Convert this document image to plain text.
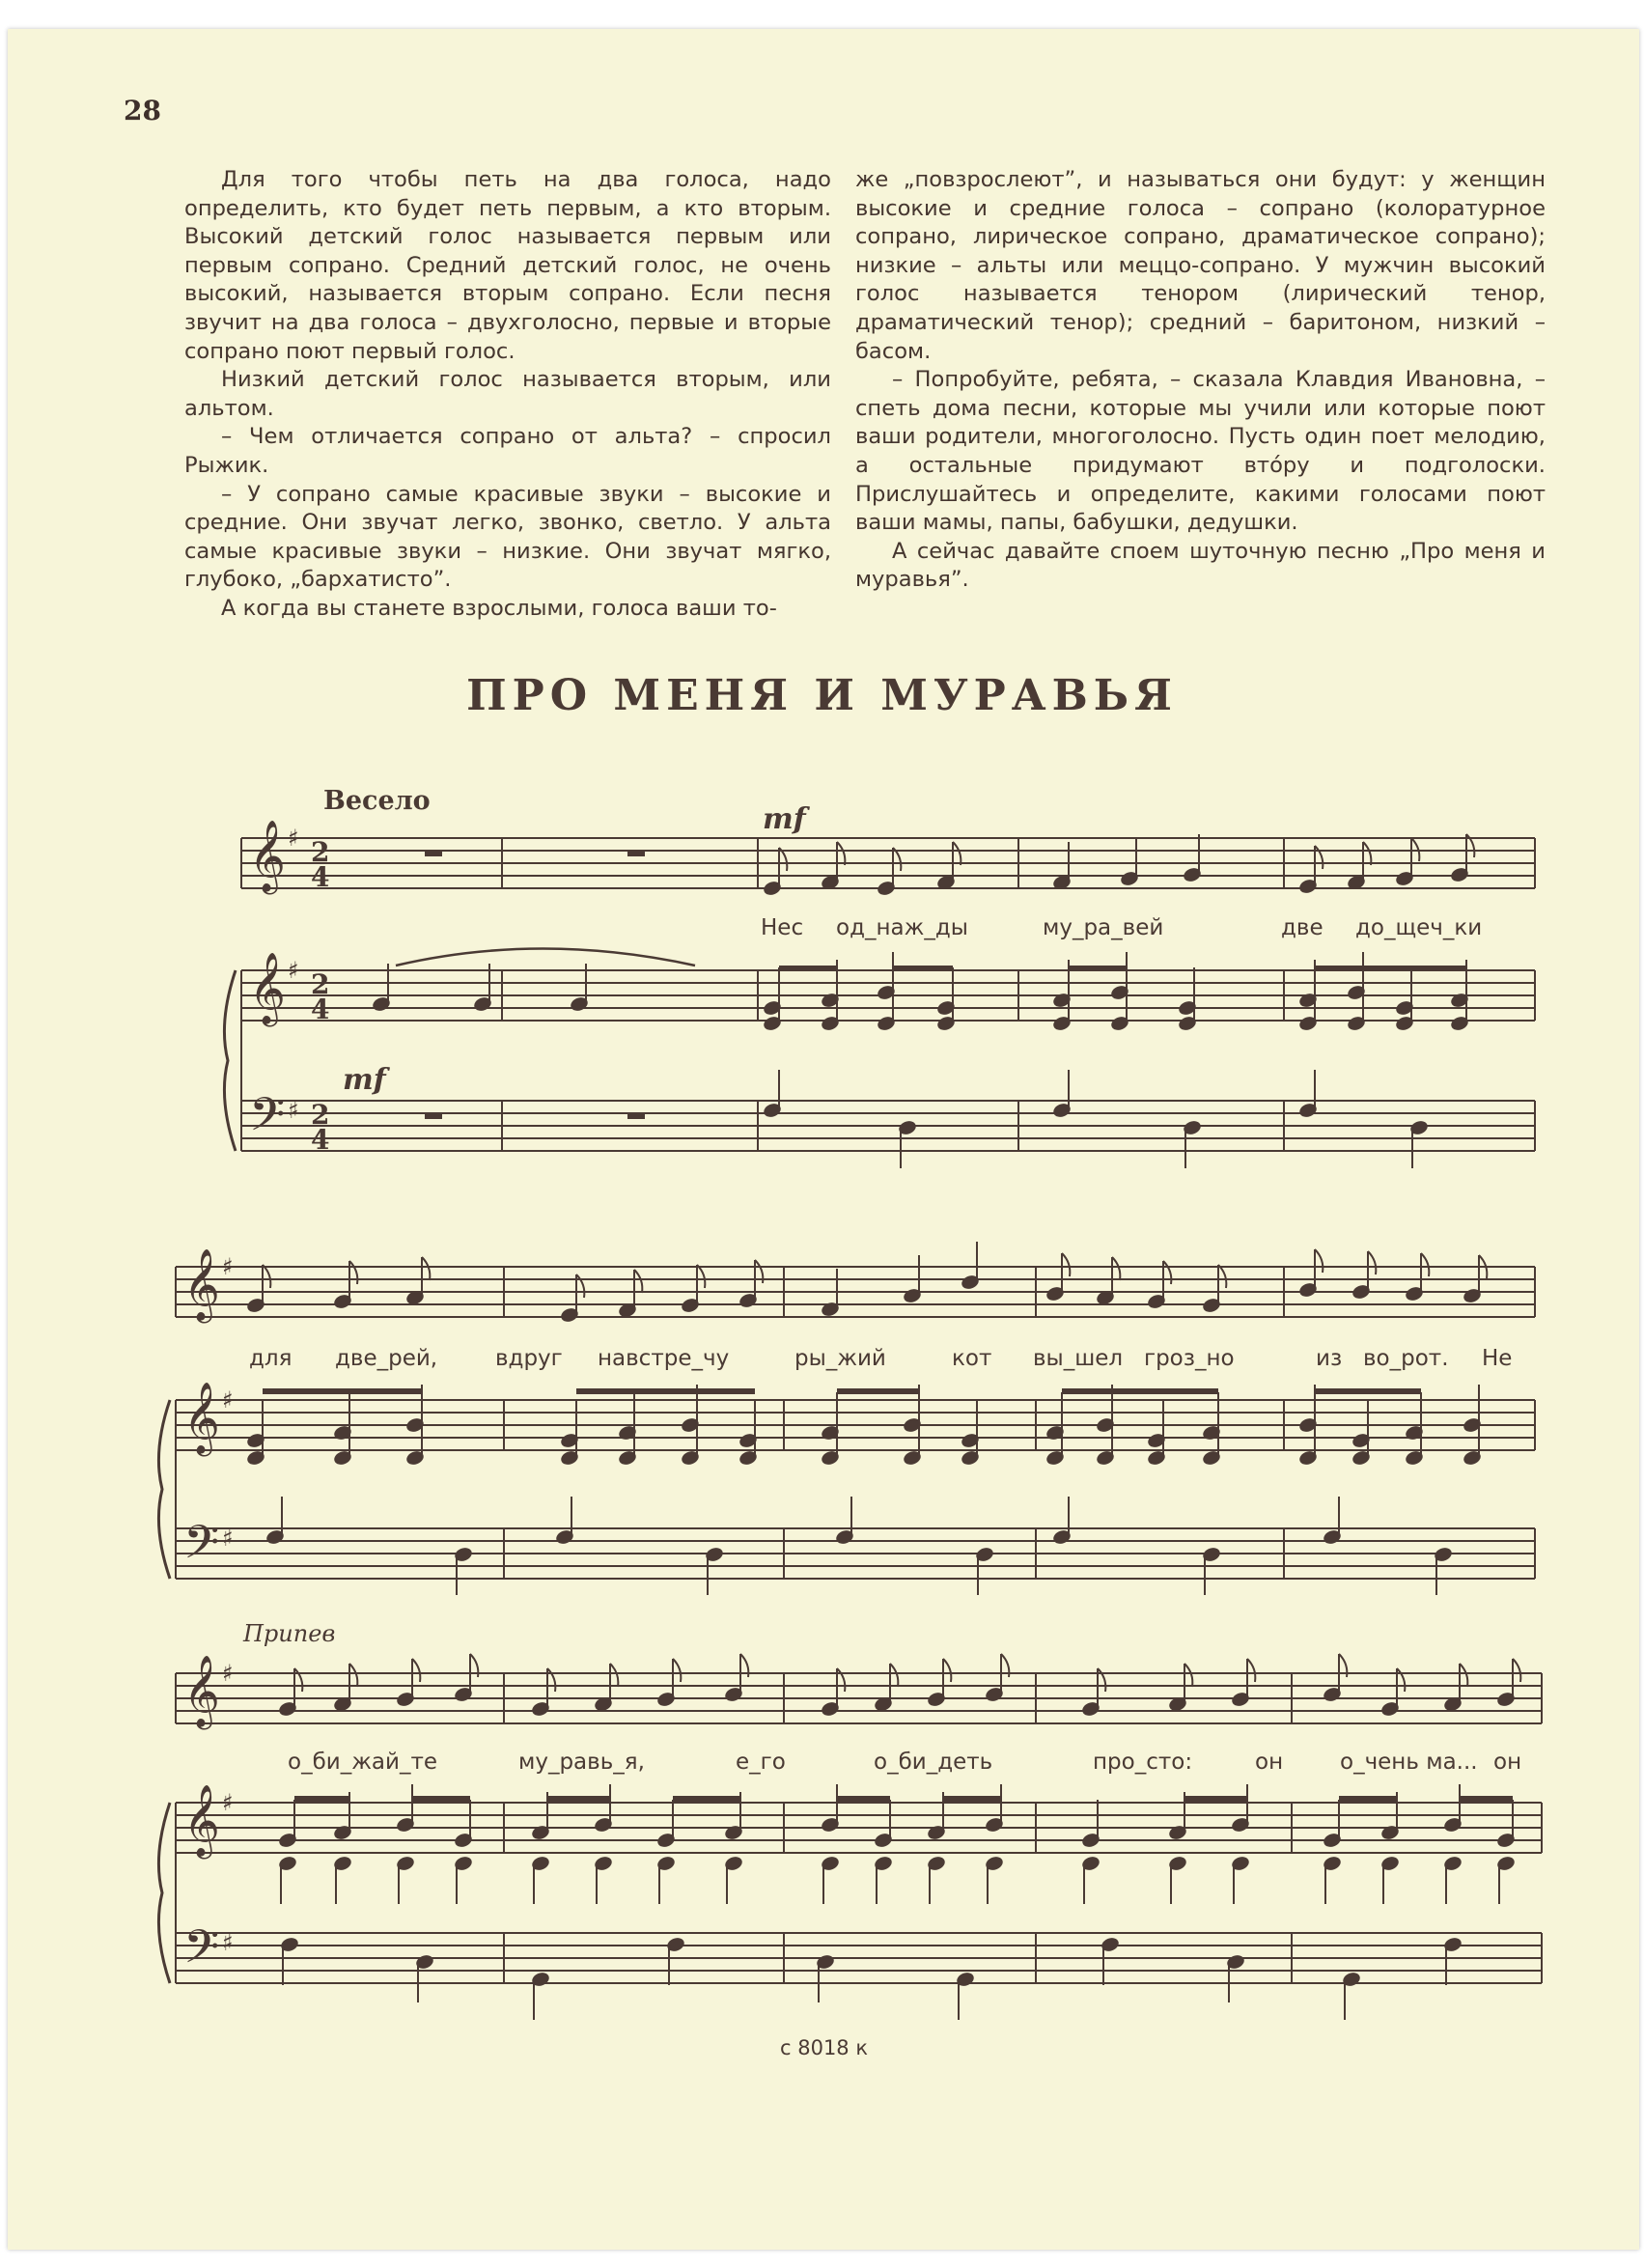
28

Для того чтобы петь на два голоса, надо определить, кто будет петь первым, а кто вторым. Высокий детский голос называется первым или первым сопрано. Средний детский голос, не очень высокий, называется вторым сопрано. Если песня звучит на два голоса – двухголосно, первые и вторые сопрано поют первый голос.

Низкий детский голос называется вторым, или альтом.

– Чем отличается сопрано от альта? – спросил Рыжик.

– У сопрано самые красивые звуки – высокие и средние. Они звучат легко, звонко, светло. У альта самые красивые звуки – низкие. Они звучат мягко, глубоко, „бархатисто”.

А когда вы станете взрослыми, голоса ваши то-

же „повзрослеют”, и называться они будут: у женщин высокие и средние голоса – сопрано (колоратурное сопрано, лирическое сопрано, драматическое сопрано); низкие – альты или меццо-сопрано. У мужчин высокий голос называется тенором (лирический тенор, драматический тенор); средний – баритоном, низкий – басом.

– Попробуйте, ребята, – сказала Клавдия Ивановна, – спеть дома песни, которые мы учили или которые поют ваши родители, многоголосно. Пусть один поет мелодию, а остальные придумают втóру и подголоски. Прислушайтесь и определите, какими голосами поют ваши мамы, папы, бабушки, дедушки.

А сейчас давайте споем шуточную песню „Про меня и муравья”.

ПРО МЕНЯ И МУРАВЬЯ
𝄞
𝄞
𝄢
♯
♯
♯
2
4
2
4
2
4
𝄞
𝄞
𝄢
♯
♯
♯
𝄞
𝄞
𝄢
♯
♯
♯
Весело
mf
mf
Припев
с 8018 к
Нес од_наж_ды	му_ра_вей	две до_щеч_ки
для две_рей,	вдруг навстре_чу	ры_жий	кот вы_шел гроз_но	из во_рот. Не
о_би_жай_те	му_равь_я,	е_го	о_би_деть	про_сто:	он	о_чень ма... он
